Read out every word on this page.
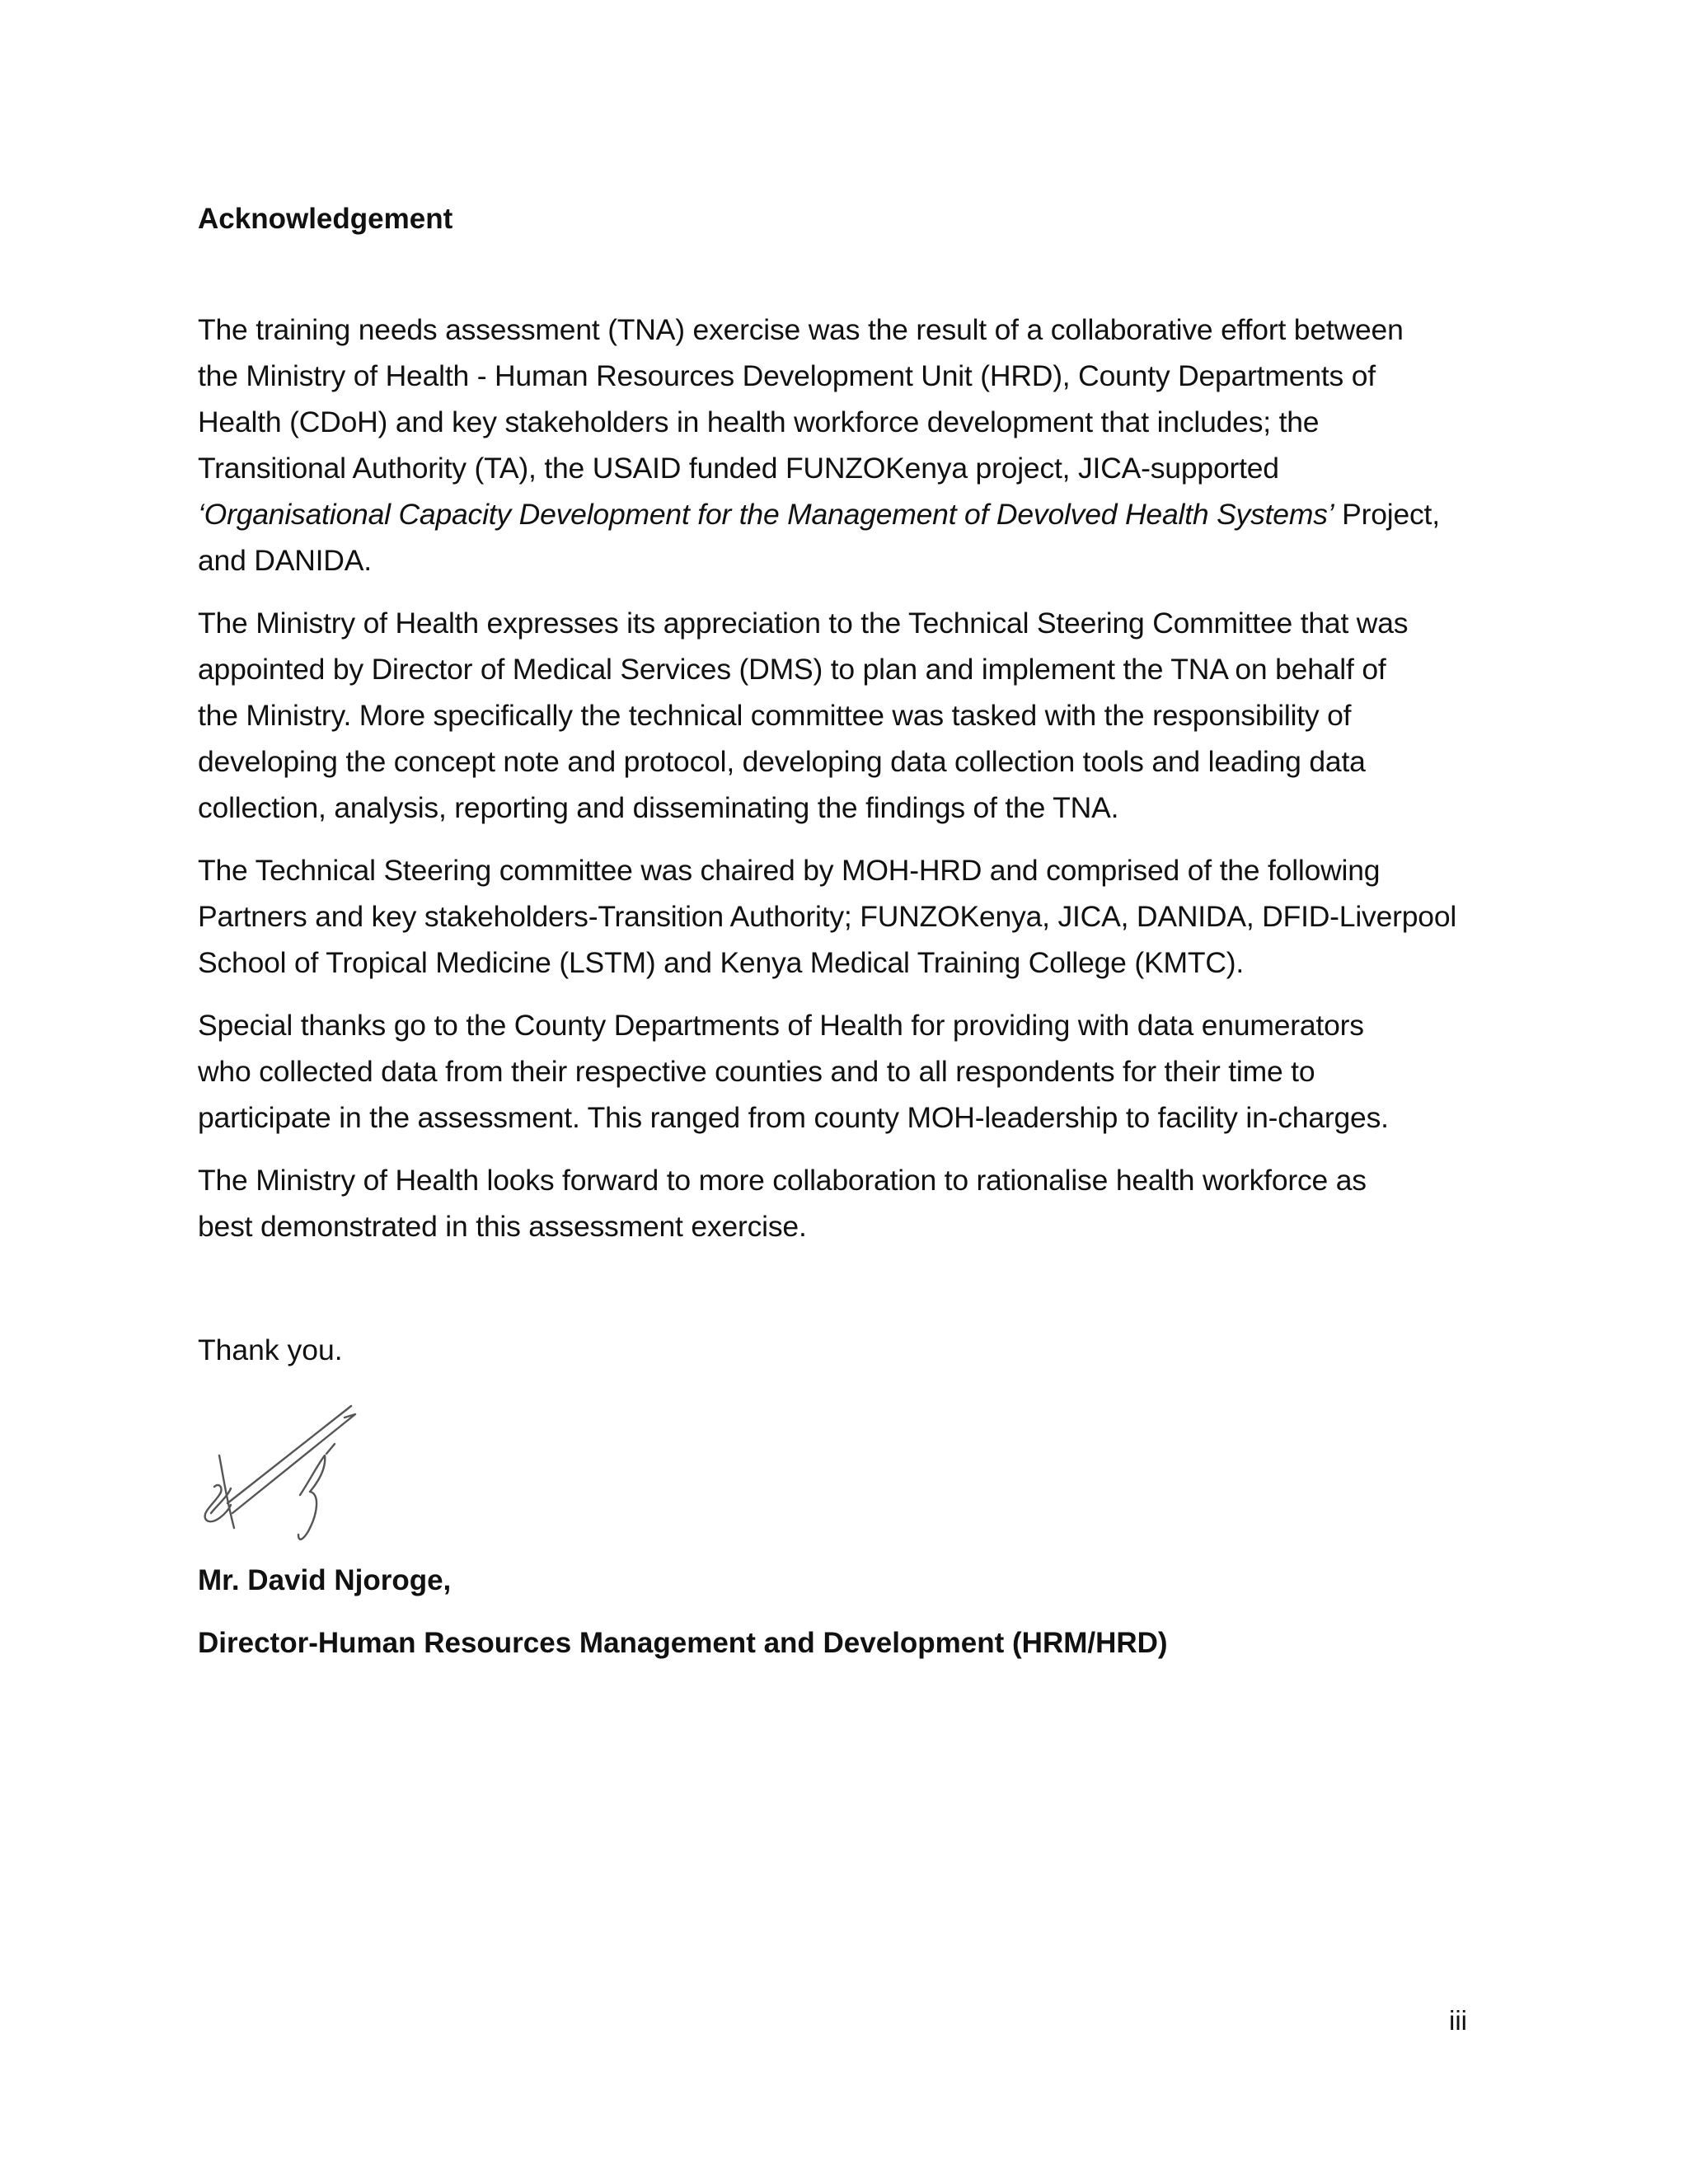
Acknowledgement

The training needs assessment (TNA) exercise was the result of a collaborative effort between
the Ministry of Health - Human Resources Development Unit (HRD), County Departments of
Health (CDoH) and key stakeholders in health workforce development that includes; the
Transitional Authority (TA), the USAID funded FUNZOKenya project, JICA-supported
‘Organisational Capacity Development for the Management of Devolved Health Systems’ Project,
and DANIDA.

The Ministry of Health expresses its appreciation to the Technical Steering Committee that was
appointed by Director of Medical Services (DMS) to plan and implement the TNA on behalf of
the Ministry. More specifically the technical committee was tasked with the responsibility of
developing the concept note and protocol, developing data collection tools and leading data
collection, analysis, reporting and disseminating the findings of the TNA.

The Technical Steering committee was chaired by MOH-HRD and comprised of the following
Partners and key stakeholders-Transition Authority; FUNZOKenya, JICA, DANIDA, DFID-Liverpool
School of Tropical Medicine (LSTM) and Kenya Medical Training College (KMTC).

Special thanks go to the County Departments of Health for providing with data enumerators
who collected data from their respective counties and to all respondents for their time to
participate in the assessment. This ranged from county MOH-leadership to facility in-charges.

The Ministry of Health looks forward to more collaboration to rationalise health workforce as
best demonstrated in this assessment exercise.

Thank you.

Mr. David Njoroge,

Director-Human Resources Management and Development (HRM/HRD)

iii
